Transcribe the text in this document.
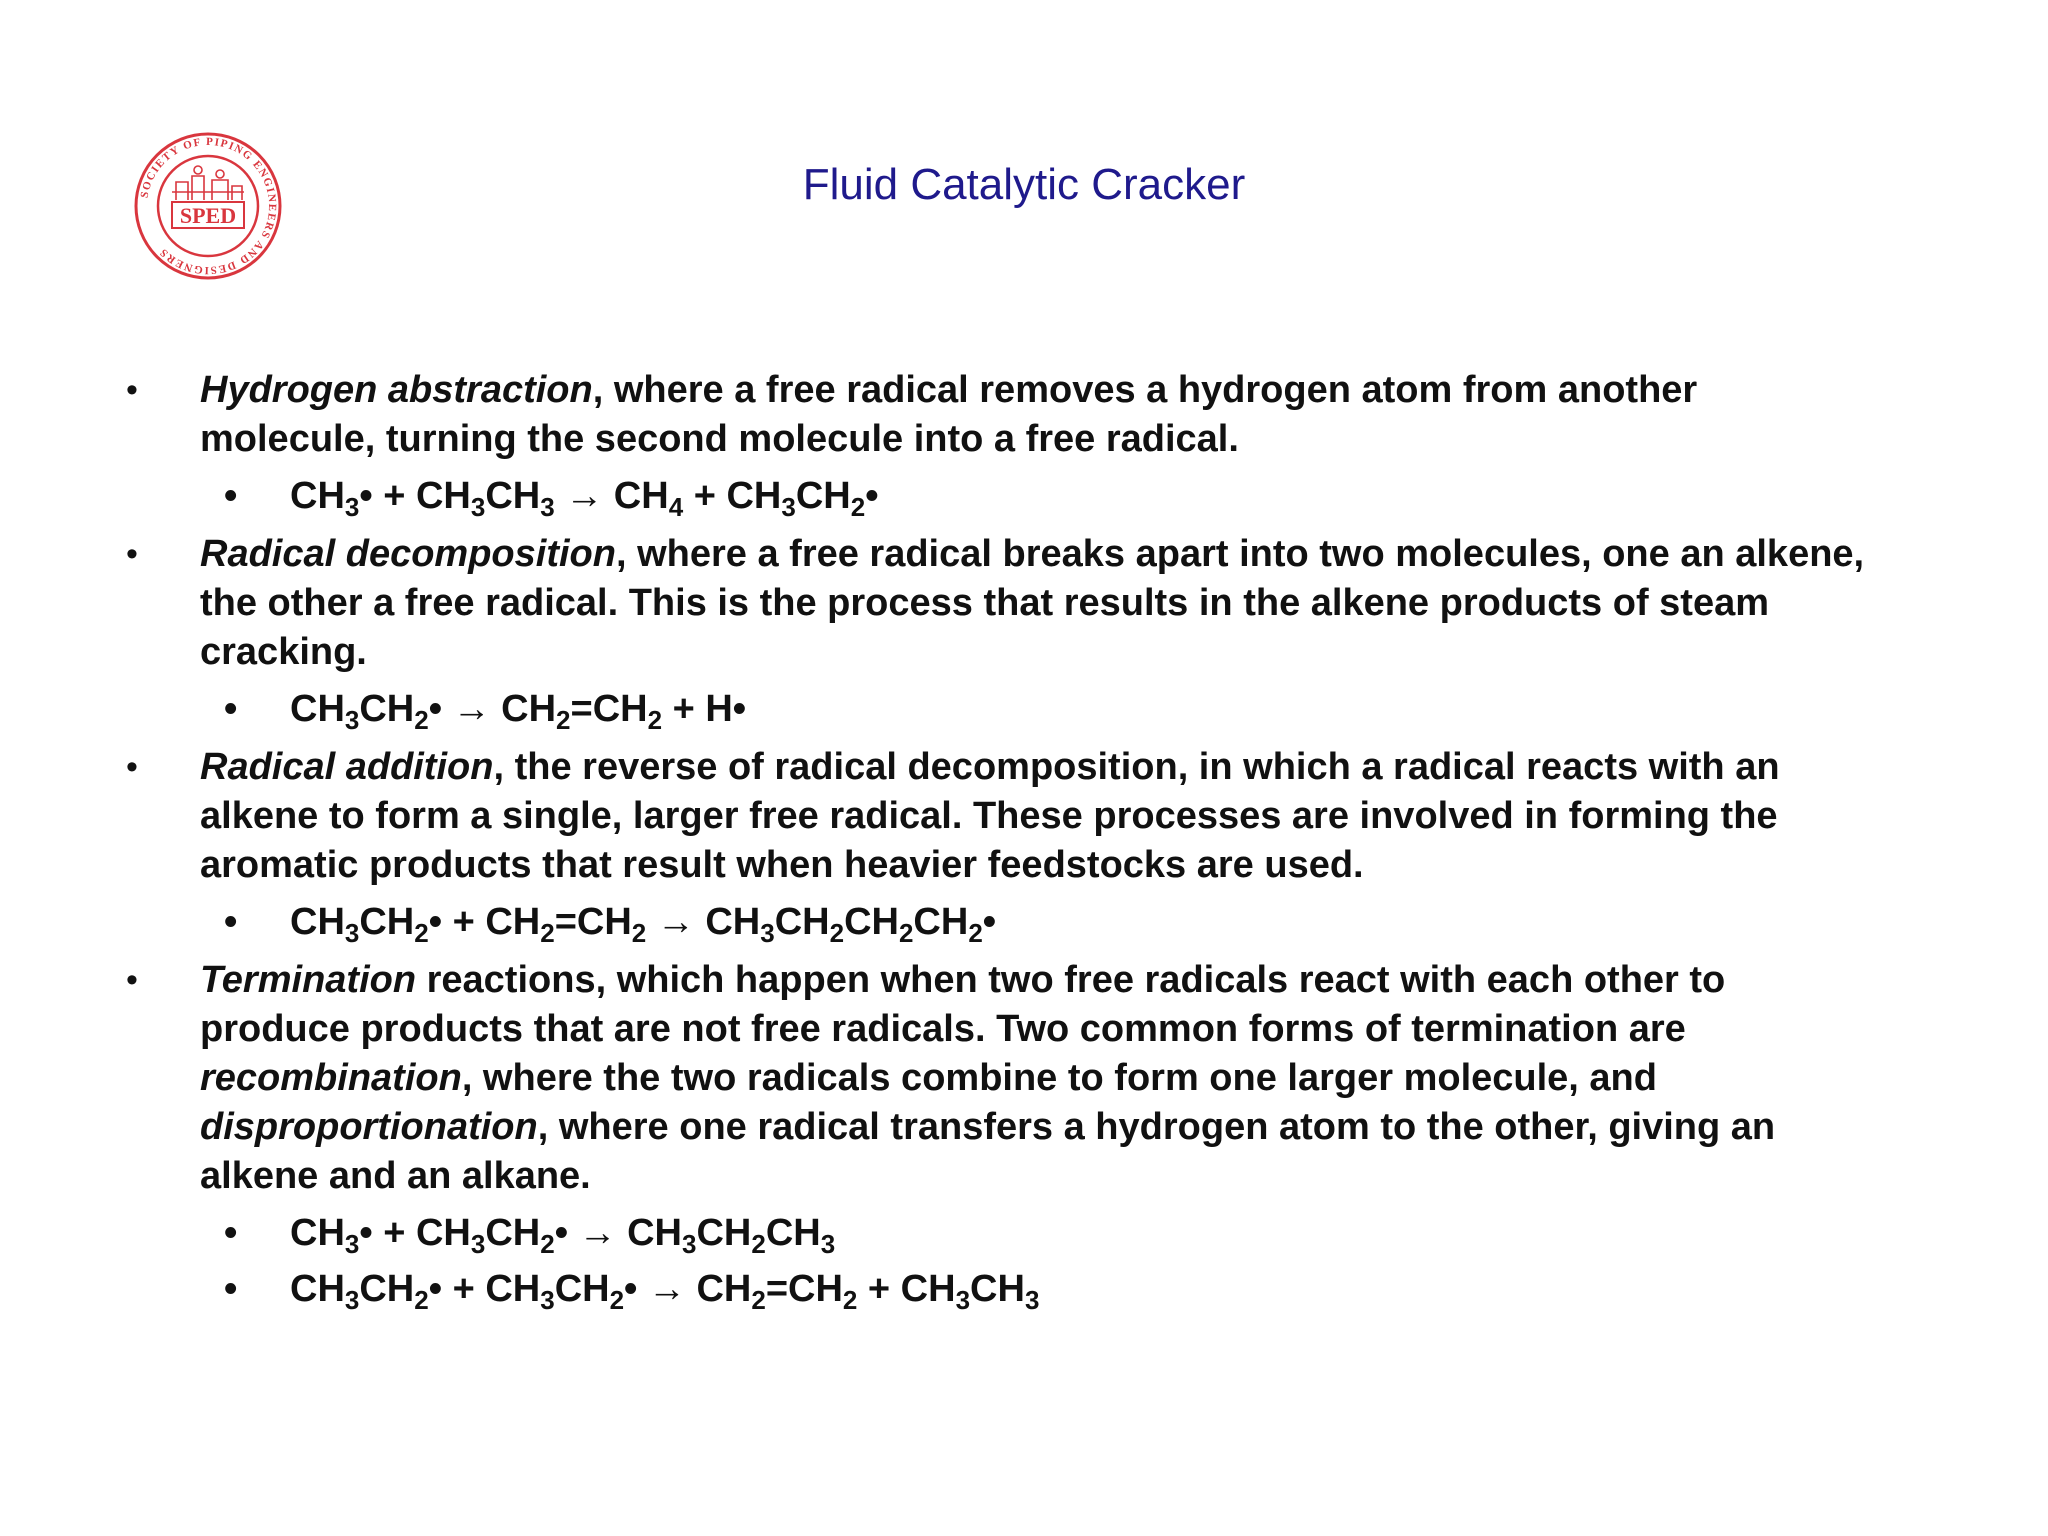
SOCIETY OF PIPING ENGINEERS AND DESIGNERS
SPED
Fluid Catalytic Cracker
• Hydrogen abstraction, where a free radical removes a hydrogen atom from another molecule, turning the second molecule into a free radical.
• $CH_3• + CH_3CH_3 \to CH_4$ + $CH_3CH_2•$
• Radical decomposition, where a free radical breaks apart into two molecules, one an alkene, the other a free radical. This is the process that results in the alkene products of steam cracking.
• $CH_3CH_2• \to CH_2=CH_2$ + H•
• Radical addition, the reverse of radical decomposition, in which a radical reacts with an alkene to form a single, larger free radical. These processes are involved in forming the aromatic products that result when heavier feedstocks are used.
• $CH_3CH_2• + CH_2=CH_2$ → $CH_3CH_2CH_2CH_2•$
• Termination reactions, which happen when two free radicals react with each other to produce products that are not free radicals. Two common forms of termination are recombination, where the two radicals combine to form one larger molecule, and disproportionation, where one radical transfers a hydrogen atom to the other, giving an alkene and an alkane.
• $CH_3•$ + $CH_3CH_2• \to CH_3CH_2CH_3$
• $CH_3CH_2•$ + $CH_3CH_2• \to CH_2=CH_2 + CH_3CH_3$
